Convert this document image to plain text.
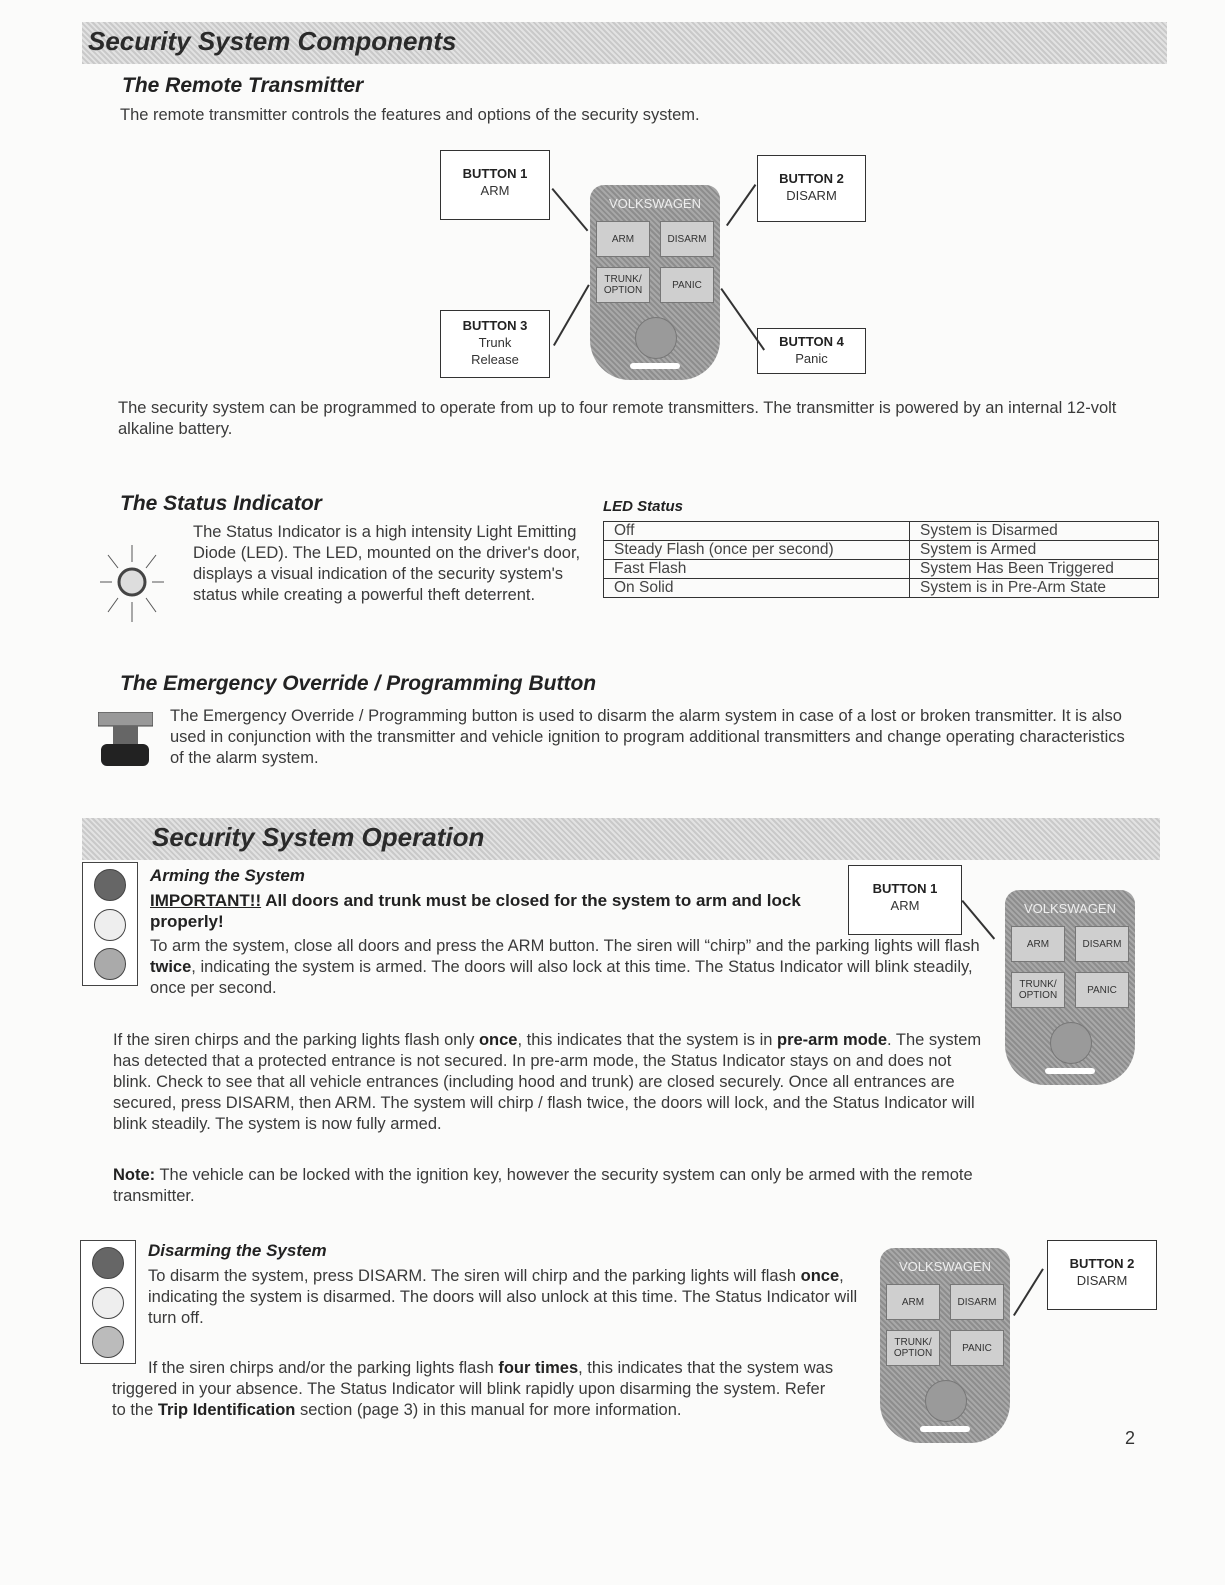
Security System Components
The Remote Transmitter

The remote transmitter controls the features and options of the security system.

BUTTON 1
ARM
BUTTON 2
DISARM
BUTTON 3
Trunk Release
BUTTON 4
Panic
VOLKSWAGEN
ARM	DISARM
TRUNK/ OPTION	PANIC

The security system can be programmed to operate from up to four remote transmitters. The transmitter is powered by an internal 12-volt alkaline battery.

The Status Indicator

The Status Indicator is a high intensity Light Emitting Diode (LED). The LED, mounted on the driver's door, displays a visual indication of the security system's status while creating a powerful theft deterrent.

LED Status
Off	System is Disarmed
Steady Flash (once per second)	System is Armed
Fast Flash	System Has Been Triggered
On Solid	System is in Pre-Arm State
The Emergency Override / Programming Button

The Emergency Override / Programming button is used to disarm the alarm system in case of a lost or broken transmitter. It is also used in conjunction with the transmitter and vehicle ignition to program additional transmitters and change operating characteristics of the alarm system.

Security System Operation
Arming the System

IMPORTANT!! All doors and trunk must be closed for the system to arm and lock properly!

To arm the system, close all doors and press the ARM button. The siren will “chirp” and the parking lights will flash twice, indicating the system is armed. The doors will also lock at this time. The Status Indicator will blink steadily, once per second.

BUTTON 1
ARM	VOLKSWAGEN
ARM	DISARM
TRUNK/ OPTION	PANIC

If the siren chirps and the parking lights flash only once, this indicates that the system is in pre-arm mode. The system has detected that a protected entrance is not secured. In pre-arm mode, the Status Indicator stays on and does not blink. Check to see that all vehicle entrances (including hood and trunk) are closed securely. Once all entrances are secured, press DISARM, then ARM. The system will chirp / flash twice, the doors will lock, and the Status Indicator will blink steadily. The system is now fully armed.

Note: The vehicle can be locked with the ignition key, however the security system can only be armed with the remote transmitter.

Disarming the System

To disarm the system, press DISARM. The siren will chirp and the parking lights will flash once, indicating the system is disarmed. The doors will also unlock at this time. The Status Indicator will turn off.

If the siren chirps and/or the parking lights flash four times, this indicates that the system was triggered in your absence. The Status Indicator will blink rapidly upon disarming the system. Refer to the Trip Identification section (page 3) in this manual for more information.

VOLKSWAGEN
ARM	DISARM
TRUNK/ OPTION	PANIC
BUTTON 2
DISARM
2
